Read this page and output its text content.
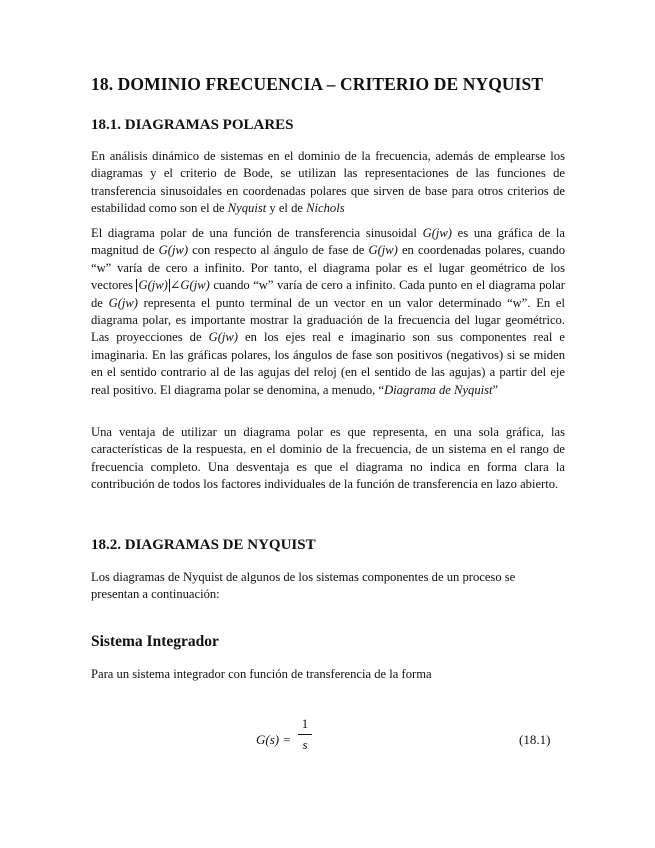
18. DOMINIO FRECUENCIA – CRITERIO DE NYQUIST
18.1. DIAGRAMAS POLARES

En análisis dinámico de sistemas en el dominio de la frecuencia, además de emplearse los diagramas y el criterio de Bode, se utilizan las representaciones de las funciones de transferencia sinusoidales en coordenadas polares que sirven de base para otros criterios de estabilidad como son el de Nyquist y el de Nichols

El diagrama polar de una función de transferencia sinusoidal G(jw) es una gráfica de la magnitud de G(jw) con respecto al ángulo de fase de G(jw) en coordenadas polares, cuando “w” varía de cero a infinito. Por tanto, el diagrama polar es el lugar geométrico de los vectores G(jw) ∠G(jw) cuando “w” varía de cero a infinito. Cada punto en el diagrama polar de G(jw) representa el punto terminal de un vector en un valor determinado “w”. En el diagrama polar, es importante mostrar la graduación de la frecuencia del lugar geométrico. Las proyecciones de G(jw) en los ejes real e imaginario son sus componentes real e imaginaria. En las gráficas polares, los ángulos de fase son positivos (negativos) si se miden en el sentido contrario al de las agujas del reloj (en el sentido de las agujas) a partir del eje real positivo. El diagrama polar se denomina, a menudo, “Diagrama de Nyquist”

Una ventaja de utilizar un diagrama polar es que representa, en una sola gráfica, las características de la respuesta, en el dominio de la frecuencia, de un sistema en el rango de frecuencia completo. Una desventaja es que el diagrama no indica en forma clara la contribución de todos los factores individuales de la función de transferencia en lazo abierto.

18.2. DIAGRAMAS DE NYQUIST

Los diagramas de Nyquist de algunos de los sistemas componentes de un proceso se presentan a continuación:

Sistema Integrador

Para un sistema integrador con función de transferencia de la forma

G(s) =
1
s	(18.1)
